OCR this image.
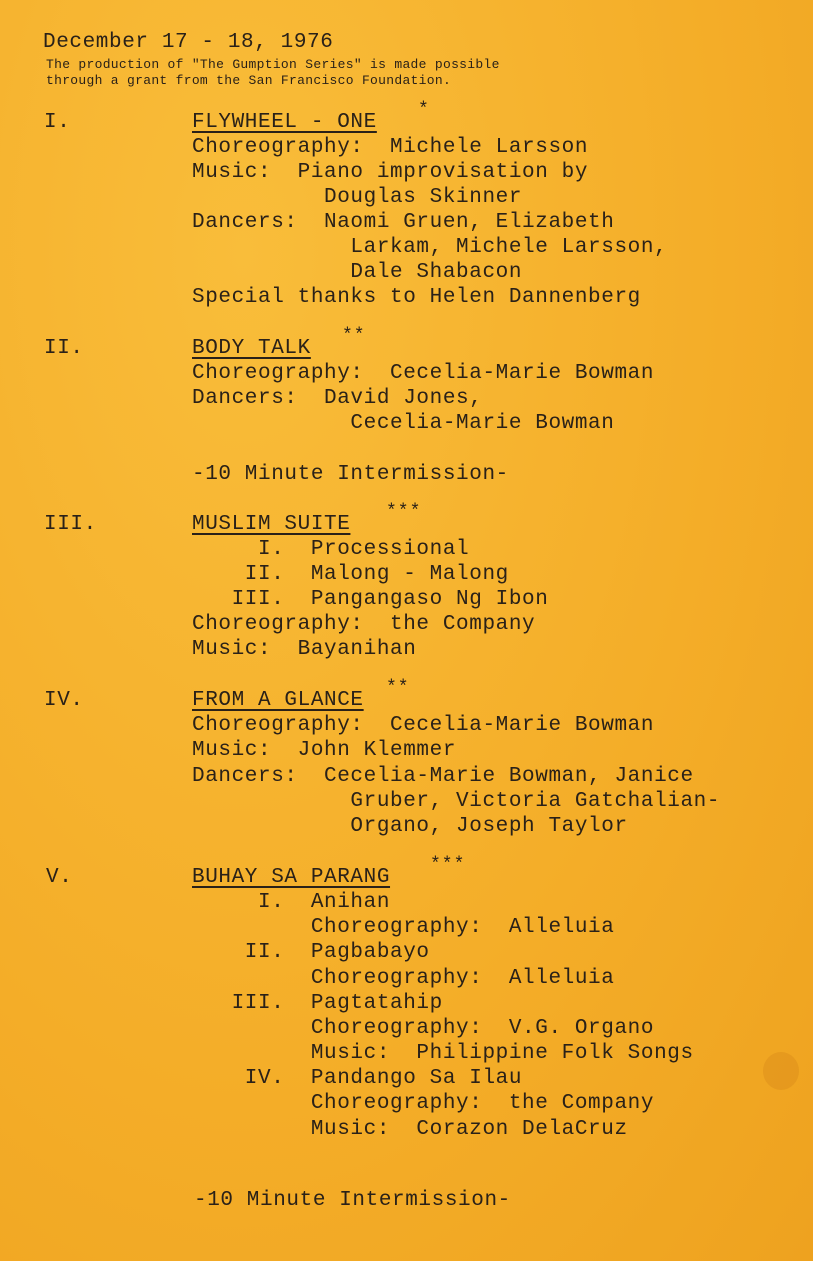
December 17 - 18, 1976
The production of "The Gumption Series" is made possible through a grant from the San Francisco Foundation.
I.	FLYWHEEL - ONE
*
Choreography:  Michele Larsson
Music:  Piano improvisation by
Douglas Skinner
Dancers:  Naomi Gruen, Elizabeth
Larkam, Michele Larsson,
Dale Shabacon
Special thanks to Helen Dannenberg
II.	BODY TALK
**
Choreography:  Cecelia-Marie Bowman
Dancers:  David Jones,
Cecelia-Marie Bowman
-10 Minute Intermission-
III.	MUSLIM SUITE
***
I.  Processional
II.  Malong - Malong
III.  Pangangaso Ng Ibon
Choreography:  the Company
Music:  Bayanihan
IV.	FROM A GLANCE
**
Choreography:  Cecelia-Marie Bowman
Music:  John Klemmer
Dancers:  Cecelia-Marie Bowman, Janice
Gruber, Victoria Gatchalian-
Organo, Joseph Taylor
V.	BUHAY SA PARANG
***
I.  Anihan
Choreography:  Alleluia
II.  Pagbabayo
Choreography:  Alleluia
III.  Pagtatahip
Choreography:  V.G. Organo
Music:  Philippine Folk Songs
IV.  Pandango Sa Ilau
Choreography:  the Company
Music:  Corazon DelaCruz
-10 Minute Intermission-
